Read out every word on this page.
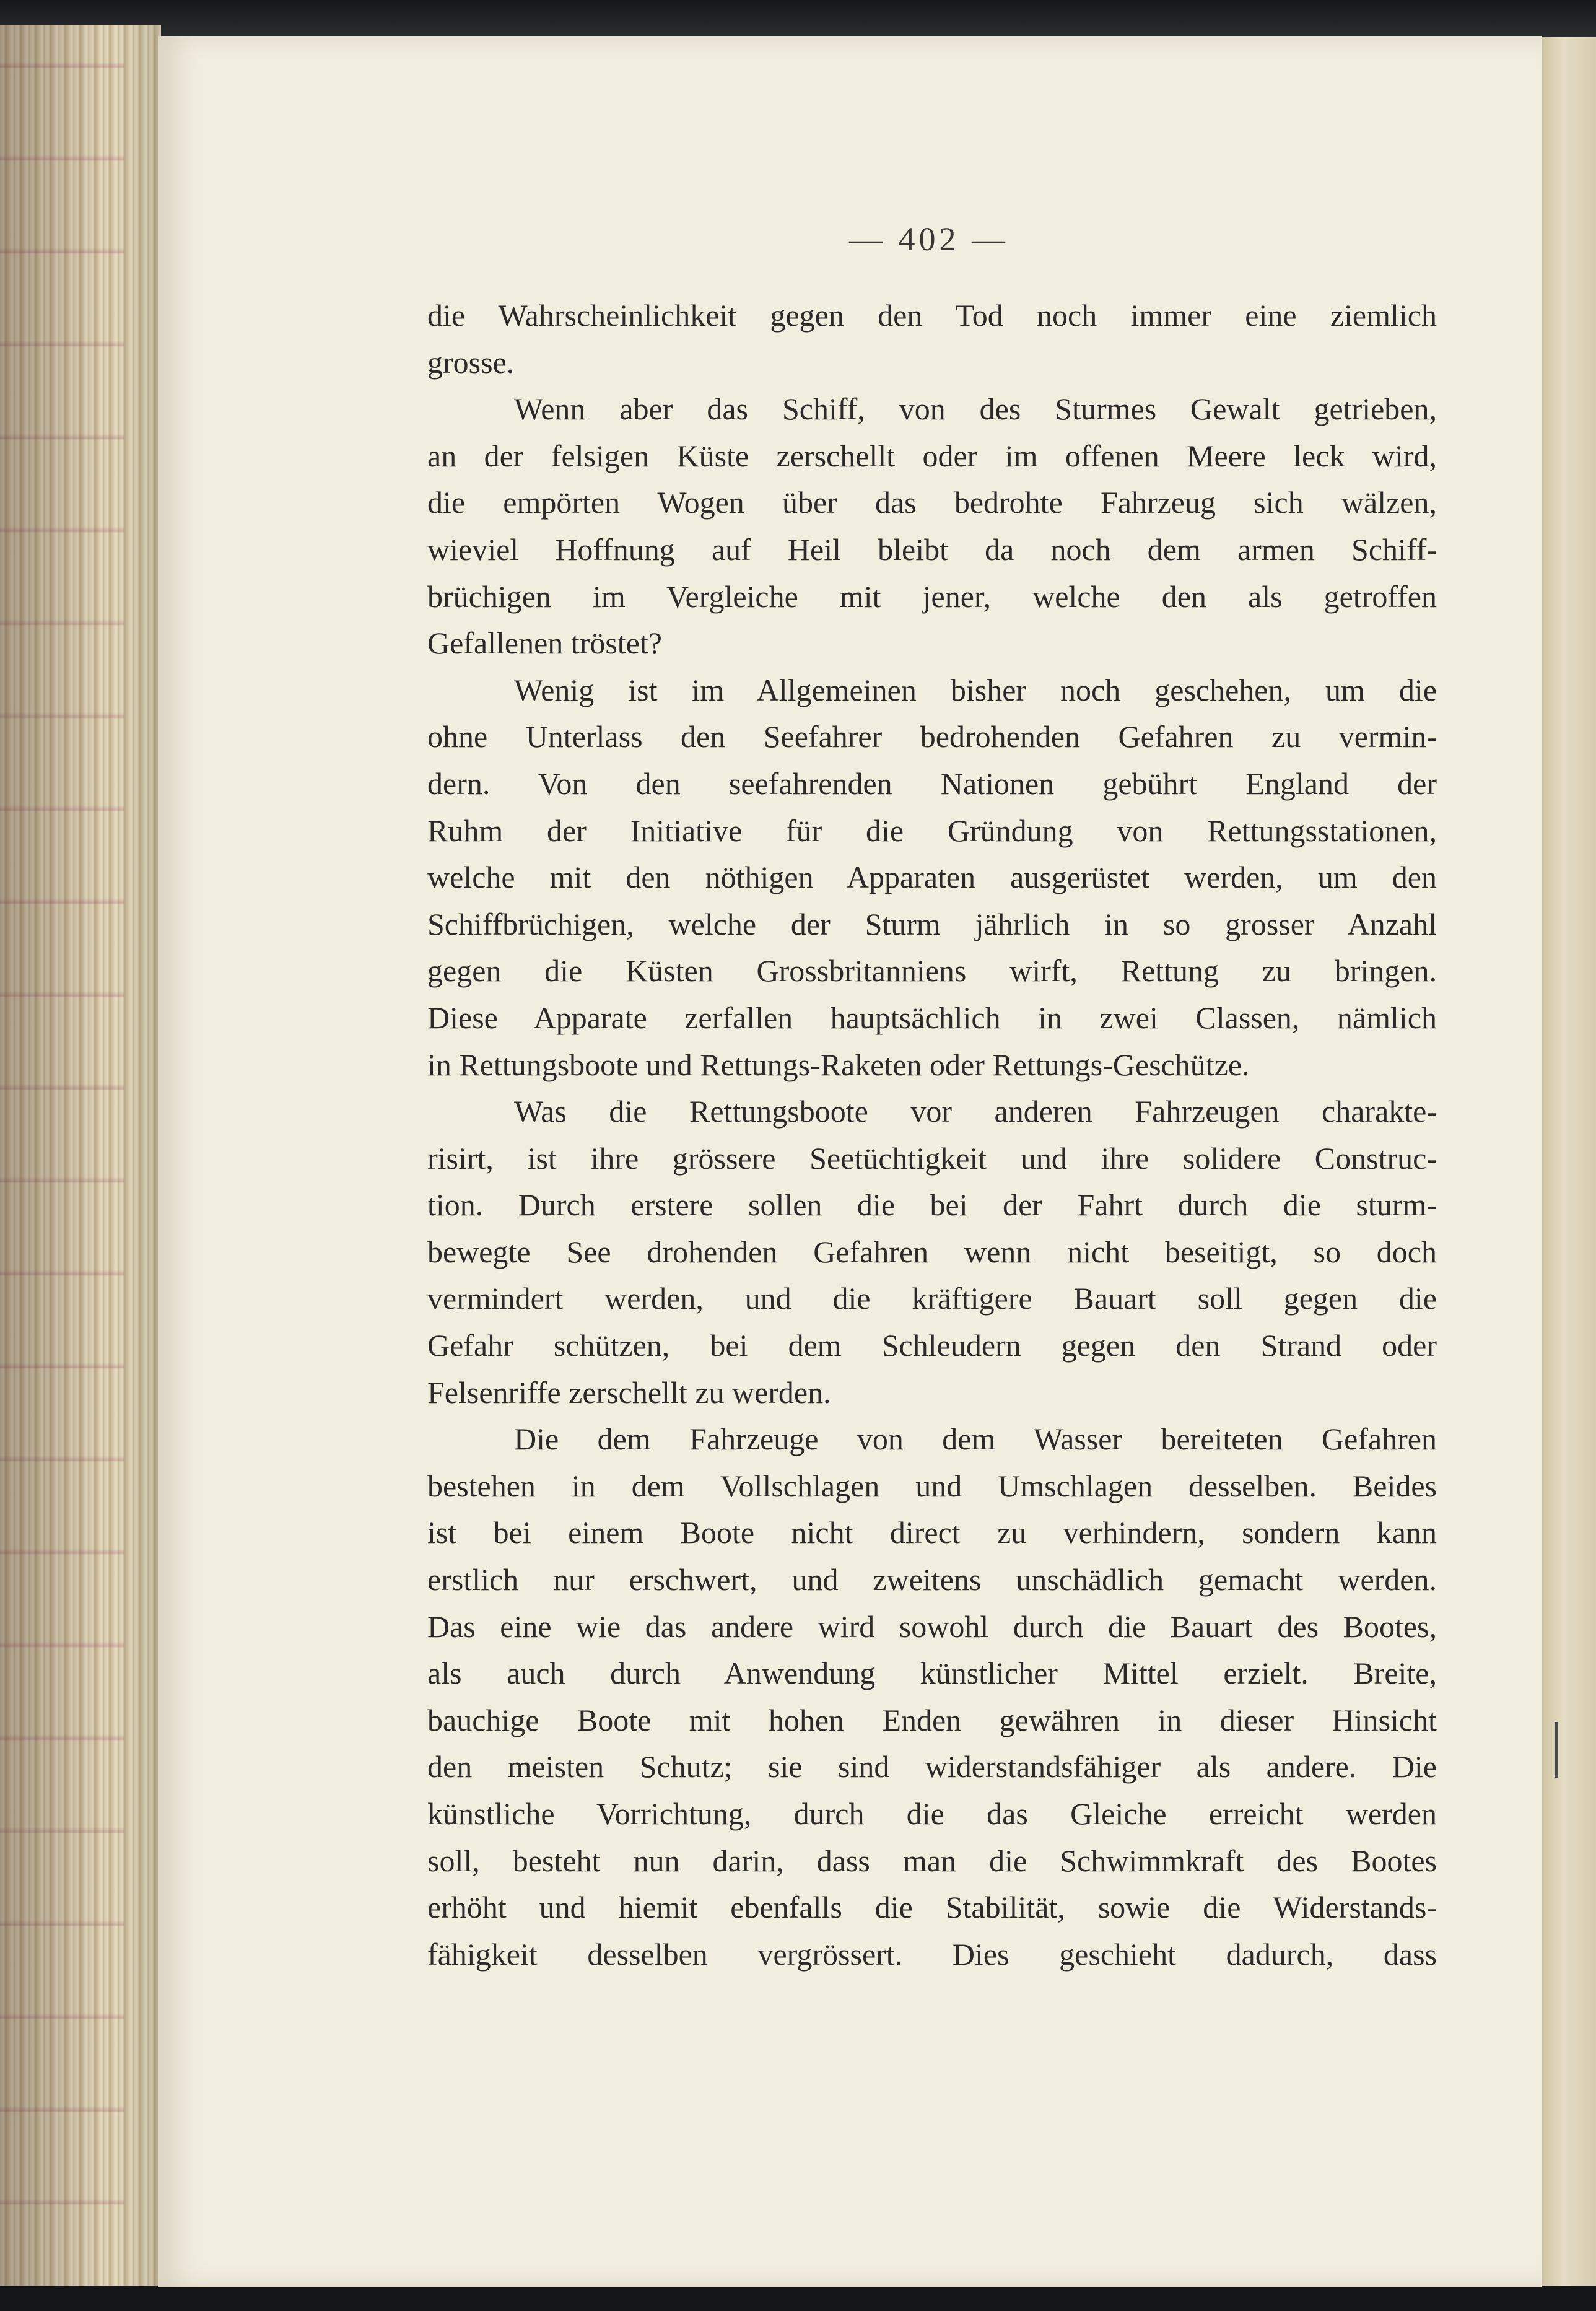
— 402 —
die Wahrscheinlichkeit gegen den Tod noch immer eine ziemlich
grosse.
Wenn aber das Schiff, von des Sturmes Gewalt getrieben,
an der felsigen Küste zerschellt oder im offenen Meere leck wird,
die empörten Wogen über das bedrohte Fahrzeug sich wälzen,
wieviel Hoffnung auf Heil bleibt da noch dem armen Schiff-
brüchigen im Vergleiche mit jener, welche den als getroffen
Gefallenen tröstet?
Wenig ist im Allgemeinen bisher noch geschehen, um die
ohne Unterlass den Seefahrer bedrohenden Gefahren zu vermin-
dern. Von den seefahrenden Nationen gebührt England der
Ruhm der Initiative für die Gründung von Rettungsstationen,
welche mit den nöthigen Apparaten ausgerüstet werden, um den
Schiffbrüchigen, welche der Sturm jährlich in so grosser Anzahl
gegen die Küsten Grossbritanniens wirft, Rettung zu bringen.
Diese Apparate zerfallen hauptsächlich in zwei Classen, nämlich
in Rettungsboote und Rettungs-Raketen oder Rettungs-Geschütze.
Was die Rettungsboote vor anderen Fahrzeugen charakte-
risirt, ist ihre grössere Seetüchtigkeit und ihre solidere Construc-
tion. Durch erstere sollen die bei der Fahrt durch die sturm-
bewegte See drohenden Gefahren wenn nicht beseitigt, so doch
vermindert werden, und die kräftigere Bauart soll gegen die
Gefahr schützen, bei dem Schleudern gegen den Strand oder
Felsenriffe zerschellt zu werden.
Die dem Fahrzeuge von dem Wasser bereiteten Gefahren
bestehen in dem Vollschlagen und Umschlagen desselben. Beides
ist bei einem Boote nicht direct zu verhindern, sondern kann
erstlich nur erschwert, und zweitens unschädlich gemacht werden.
Das eine wie das andere wird sowohl durch die Bauart des Bootes,
als auch durch Anwendung künstlicher Mittel erzielt. Breite,
bauchige Boote mit hohen Enden gewähren in dieser Hinsicht
den meisten Schutz; sie sind widerstandsfähiger als andere. Die
künstliche Vorrichtung, durch die das Gleiche erreicht werden
soll, besteht nun darin, dass man die Schwimmkraft des Bootes
erhöht und hiemit ebenfalls die Stabilität, sowie die Widerstands-
fähigkeit desselben vergrössert. Dies geschieht dadurch, dass
